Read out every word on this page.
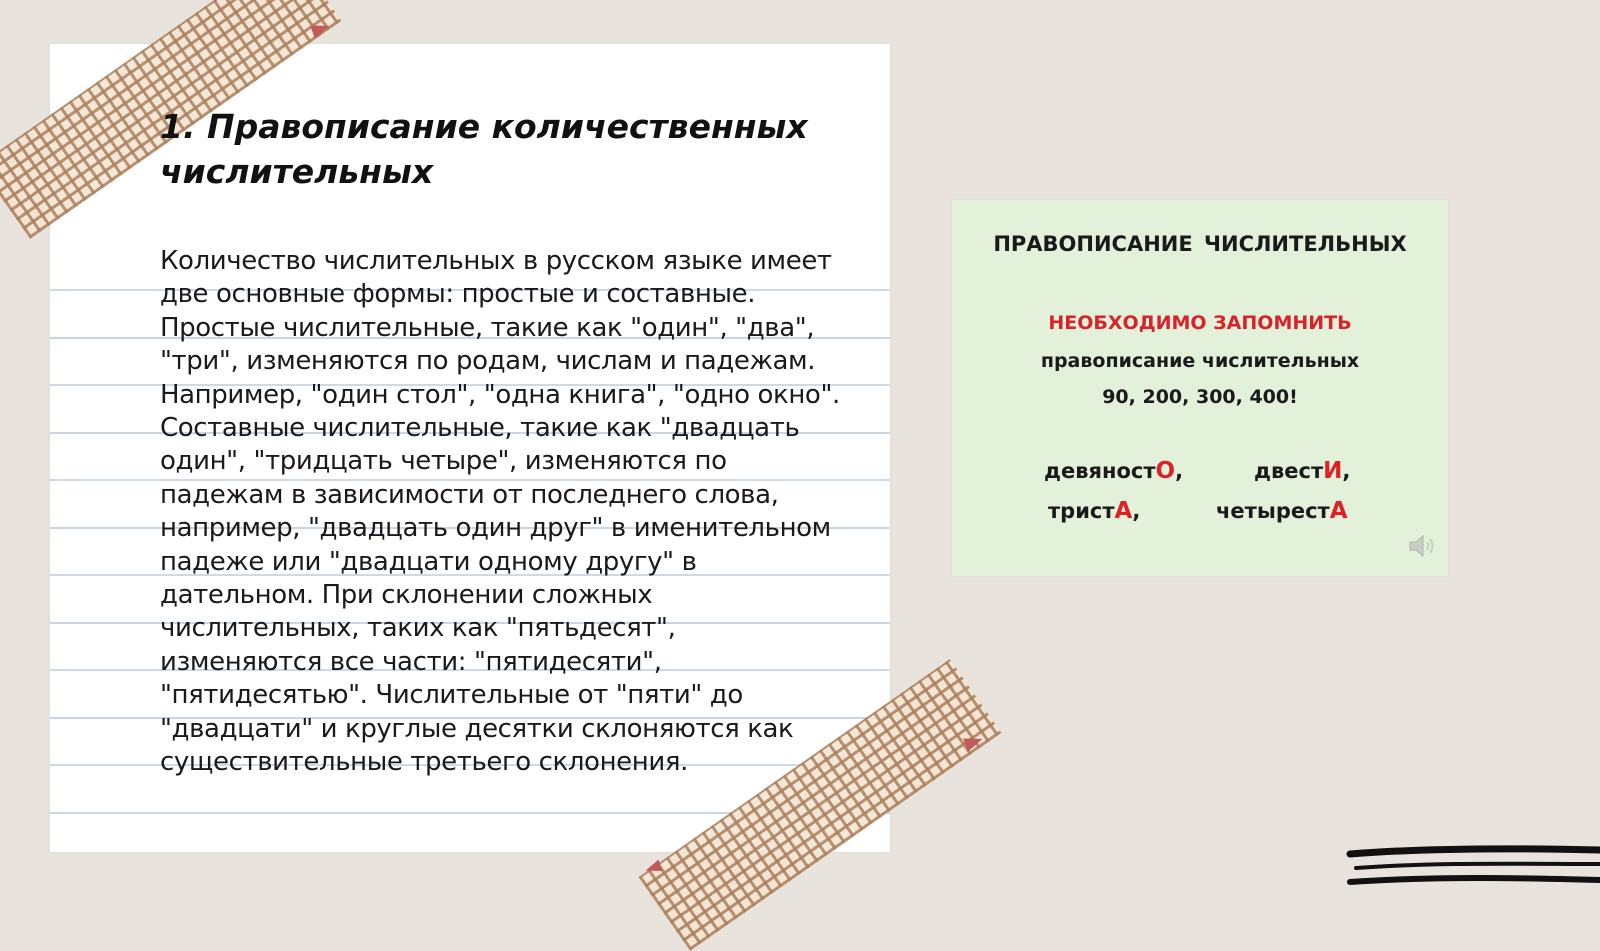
1. Правописание количественных числительных

Количество числительных в русском языке имеет две основные формы: простые и составные. Простые числительные, такие как "один", "два", "три", изменяются по родам, числам и падежам. Например, "один стол", "одна книга", "одно окно". Составные числительные, такие как "двадцать один", "тридцать четыре", изменяются по падежам в зависимости от последнего слова, например, "двадцать один друг" в именительном падеже или "двадцати одному другу" в дательном. При склонении сложных числительных, таких как "пятьдесят", изменяются все части: "пятидесяти", "пятидесятью". Числительные от "пяти" до "двадцати" и круглые десятки склоняются как существительные третьего склонения.

ПРАВОПИСАНИЕ ЧИСЛИТЕЛЬНЫХ
НЕОБХОДИМО ЗАПОМНИТЬ
правописание числительных
90, 200, 300, 400!
девяностО,	двестИ,
тристА,	четырестА
